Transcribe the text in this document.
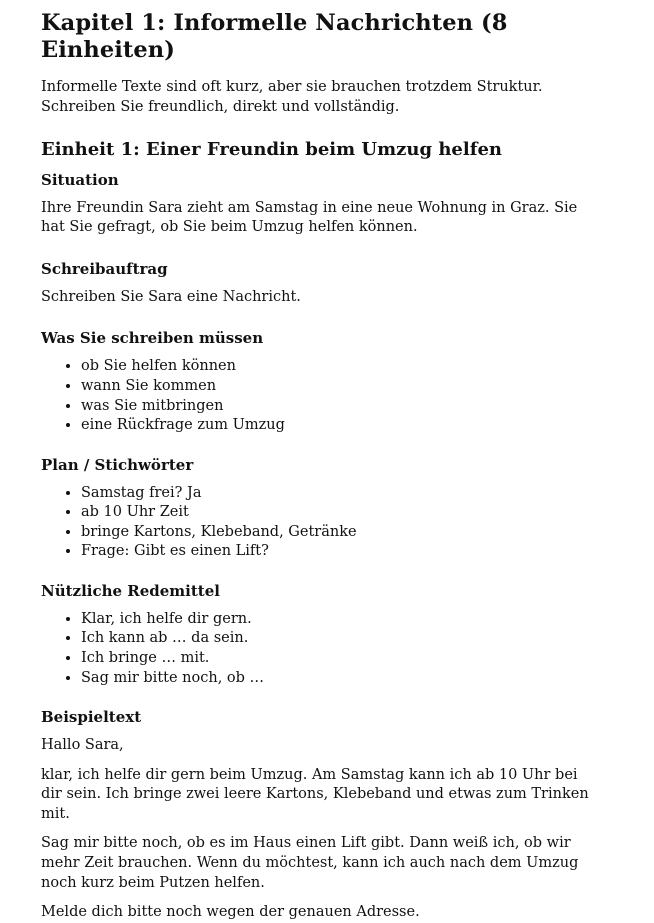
Kapitel 1: Informelle Nachrichten (8 Einheiten)

Informelle Texte sind oft kurz, aber sie brauchen trotzdem Struktur. Schreiben Sie freundlich, direkt und vollständig.

Einheit 1: Einer Freundin beim Umzug helfen
Situation

Ihre Freundin Sara zieht am Samstag in eine neue Wohnung in Graz. Sie hat Sie gefragt, ob Sie beim Umzug helfen können.

Schreibauftrag

Schreiben Sie Sara eine Nachricht.

Was Sie schreiben müssen
• ob Sie helfen können
• wann Sie kommen
• was Sie mitbringen
• eine Rückfrage zum Umzug
Plan / Stichwörter
• Samstag frei? Ja
• ab 10 Uhr Zeit
• bringe Kartons, Klebeband, Getränke
• Frage: Gibt es einen Lift?
Nützliche Redemittel
• Klar, ich helfe dir gern.
• Ich kann ab … da sein.
• Ich bringe … mit.
• Sag mir bitte noch, ob …
Beispieltext

Hallo Sara,

klar, ich helfe dir gern beim Umzug. Am Samstag kann ich ab 10 Uhr bei dir sein. Ich bringe zwei leere Kartons, Klebeband und etwas zum Trinken mit.

Sag mir bitte noch, ob es im Haus einen Lift gibt. Dann weiß ich, ob wir mehr Zeit brauchen. Wenn du möchtest, kann ich auch nach dem Umzug noch kurz beim Putzen helfen.

Melde dich bitte noch wegen der genauen Adresse.
